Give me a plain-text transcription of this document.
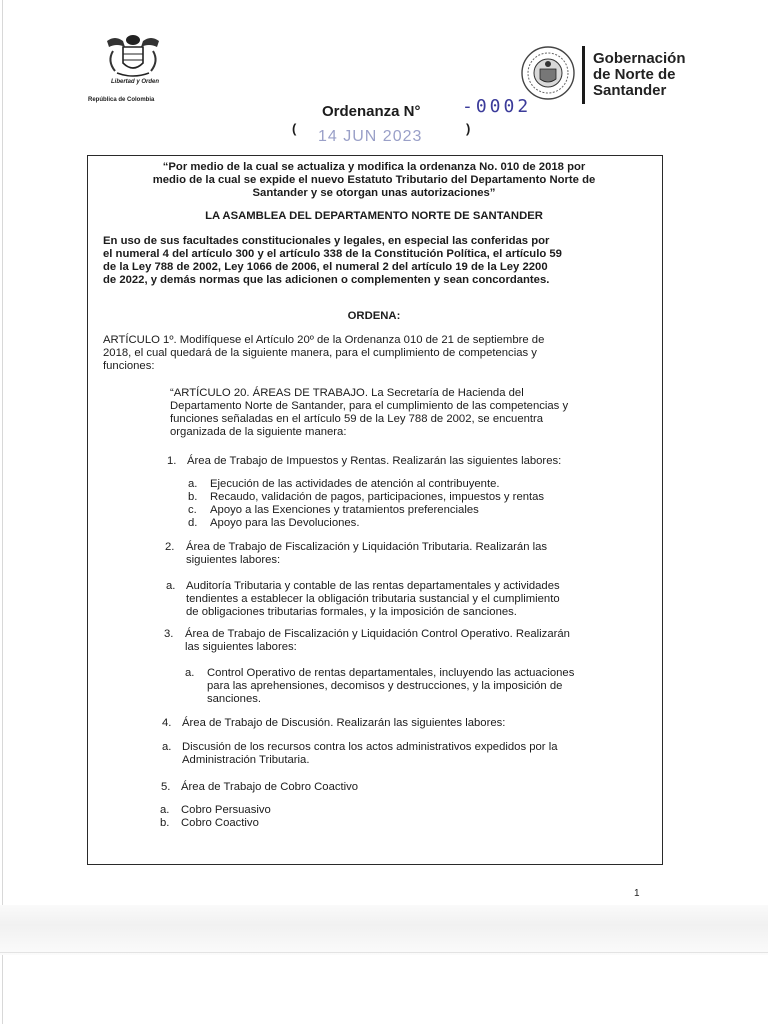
Libertad y Orden
República de Colombia
Gobernación
de Norte de
Santander
Ordenanza N° -0002
( 14 JUN 2023	)
“Por medio de la cual se actualiza y modifica la ordenanza No. 010 de 2018 por
medio de la cual se expide el nuevo Estatuto Tributario del Departamento Norte de
Santander y se otorgan unas autorizaciones”
LA ASAMBLEA DEL DEPARTAMENTO NORTE DE SANTANDER
En uso de sus facultades constitucionales y legales, en especial las conferidas por
el numeral 4 del artículo 300 y el artículo 338 de la Constitución Política, el artículo 59
de la Ley 788 de 2002, Ley 1066 de 2006, el numeral 2 del artículo 19 de la Ley 2200
de 2022, y demás normas que las adicionen o complementen y sean concordantes.
ORDENA:
ARTÍCULO 1º. Modifíquese el Artículo 20º de la Ordenanza 010 de 21 de septiembre de
2018, el cual quedará de la siguiente manera, para el cumplimiento de competencias y
funciones:
“ARTÍCULO 20. ÁREAS DE TRABAJO. La Secretaría de Hacienda del
Departamento Norte de Santander, para el cumplimiento de las competencias y
funciones señaladas en el artículo 59 de la Ley 788 de 2002, se encuentra
organizada de la siguiente manera:
1. Área de Trabajo de Impuestos y Rentas. Realizarán las siguientes labores:
a. Ejecución de las actividades de atención al contribuyente.
b. Recaudo, validación de pagos, participaciones, impuestos y rentas
c. Apoyo a las Exenciones y tratamientos preferenciales
d. Apoyo para las Devoluciones.
2. Área de Trabajo de Fiscalización y Liquidación Tributaria. Realizarán las
siguientes labores:
a. Auditoría Tributaria y contable de las rentas departamentales y actividades
tendientes a establecer la obligación tributaria sustancial y el cumplimiento
de obligaciones tributarias formales, y la imposición de sanciones.
3. Área de Trabajo de Fiscalización y Liquidación Control Operativo. Realizarán
las siguientes labores:
a. Control Operativo de rentas departamentales, incluyendo las actuaciones
para las aprehensiones, decomisos y destrucciones, y la imposición de
sanciones.
4. Área de Trabajo de Discusión. Realizarán las siguientes labores:
a. Discusión de los recursos contra los actos administrativos expedidos por la
Administración Tributaria.
5. Área de Trabajo de Cobro Coactivo
a. Cobro Persuasivo
b. Cobro Coactivo
1
